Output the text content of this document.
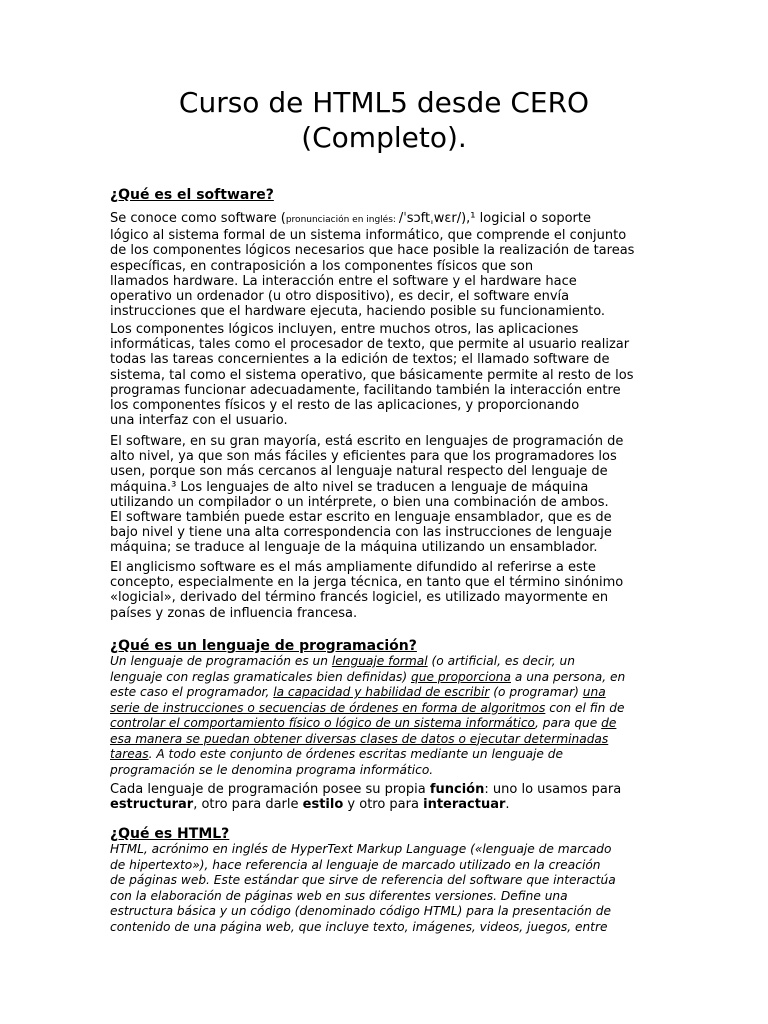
Curso de HTML5 desde CERO
(Completo).
¿Qué es el software?

Se conoce como software (pronunciación en inglés: /ˈsɔftˌwɛr/),¹ logicial o soporte
lógico al sistema formal de un sistema informático, que comprende el conjunto
de los componentes lógicos necesarios que hace posible la realización de tareas
específicas, en contraposición a los componentes físicos que son
llamados hardware. La interacción entre el software y el hardware hace
operativo un ordenador (u otro dispositivo), es decir, el software envía
instrucciones que el hardware ejecuta, haciendo posible su funcionamiento.

Los componentes lógicos incluyen, entre muchos otros, las aplicaciones
informáticas, tales como el procesador de texto, que permite al usuario realizar
todas las tareas concernientes a la edición de textos; el llamado software de
sistema, tal como el sistema operativo, que básicamente permite al resto de los
programas funcionar adecuadamente, facilitando también la interacción entre
los componentes físicos y el resto de las aplicaciones, y proporcionando
una interfaz con el usuario.

El software, en su gran mayoría, está escrito en lenguajes de programación de
alto nivel, ya que son más fáciles y eficientes para que los programadores los
usen, porque son más cercanos al lenguaje natural respecto del lenguaje de
máquina.³ Los lenguajes de alto nivel se traducen a lenguaje de máquina
utilizando un compilador o un intérprete, o bien una combinación de ambos.
El software también puede estar escrito en lenguaje ensamblador, que es de
bajo nivel y tiene una alta correspondencia con las instrucciones de lenguaje
máquina; se traduce al lenguaje de la máquina utilizando un ensamblador.

El anglicismo software es el más ampliamente difundido al referirse a este
concepto, especialmente en la jerga técnica, en tanto que el término sinónimo
«logicial», derivado del término francés logiciel, es utilizado mayormente en
países y zonas de influencia francesa.

¿Qué es un lenguaje de programación?

Un lenguaje de programación es un lenguaje formal (o artificial, es decir, un
lenguaje con reglas gramaticales bien definidas) que proporciona a una persona, en
este caso el programador, la capacidad y habilidad de escribir (o programar) una
serie de instrucciones o secuencias de órdenes en forma de algoritmos con el fin de
controlar el comportamiento físico o lógico de un sistema informático, para que de
esa manera se puedan obtener diversas clases de datos o ejecutar determinadas
tareas. A todo este conjunto de órdenes escritas mediante un lenguaje de
programación se le denomina programa informático.

Cada lenguaje de programación posee su propia función: uno lo usamos para
estructurar, otro para darle estilo y otro para interactuar.

¿Qué es HTML?

HTML, acrónimo en inglés de HyperText Markup Language («lenguaje de marcado
de hipertexto»), hace referencia al lenguaje de marcado utilizado en la creación
de páginas web. Este estándar que sirve de referencia del software que interactúa
con la elaboración de páginas web en sus diferentes versiones. Define una
estructura básica y un código (denominado código HTML) para la presentación de
contenido de una página web, que incluye texto, imágenes, videos, juegos, entre
